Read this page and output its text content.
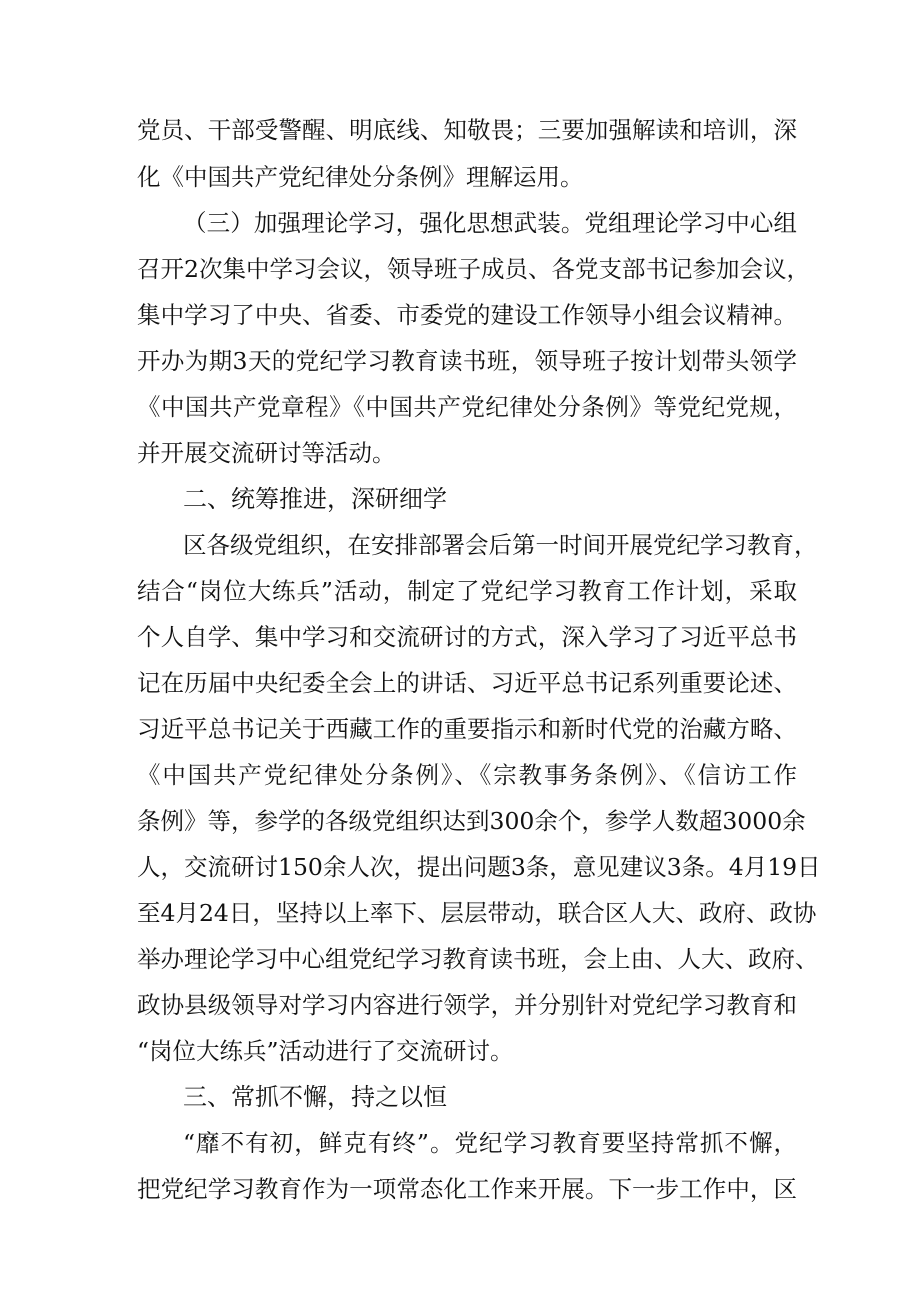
党员、干部受警醒、明底线、知敬畏；三要加强解读和培训，深
化《中国共产党纪律处分条例》理解运用。
（三）加强理论学习，强化思想武装。党组理论学习中心组
召开2次集中学习会议，领导班子成员、各党支部书记参加会议，
集中学习了中央、省委、市委党的建设工作领导小组会议精神。
开办为期3天的党纪学习教育读书班，领导班子按计划带头领学
《中国共产党章程》《中国共产党纪律处分条例》等党纪党规，
并开展交流研讨等活动。
二、统筹推进，深研细学
区各级党组织，在安排部署会后第一时间开展党纪学习教育，
结合“岗位大练兵”活动，制定了党纪学习教育工作计划，采取
个人自学、集中学习和交流研讨的方式，深入学习了习近平总书
记在历届中央纪委全会上的讲话、习近平总书记系列重要论述、
习近平总书记关于西藏工作的重要指示和新时代党的治藏方略、
《中国共产党纪律处分条例》、《宗教事务条例》、《信访工作
条例》等，参学的各级党组织达到300余个，参学人数超3000余
人，交流研讨150余人次，提出问题3条，意见建议3条。4月19日
至4月24日，坚持以上率下、层层带动，联合区人大、政府、政协
举办理论学习中心组党纪学习教育读书班，会上由、人大、政府、
政协县级领导对学习内容进行领学，并分别针对党纪学习教育和
“岗位大练兵”活动进行了交流研讨。
三、常抓不懈，持之以恒
“靡不有初，鲜克有终”。党纪学习教育要坚持常抓不懈，
把党纪学习教育作为一项常态化工作来开展。下一步工作中，区
